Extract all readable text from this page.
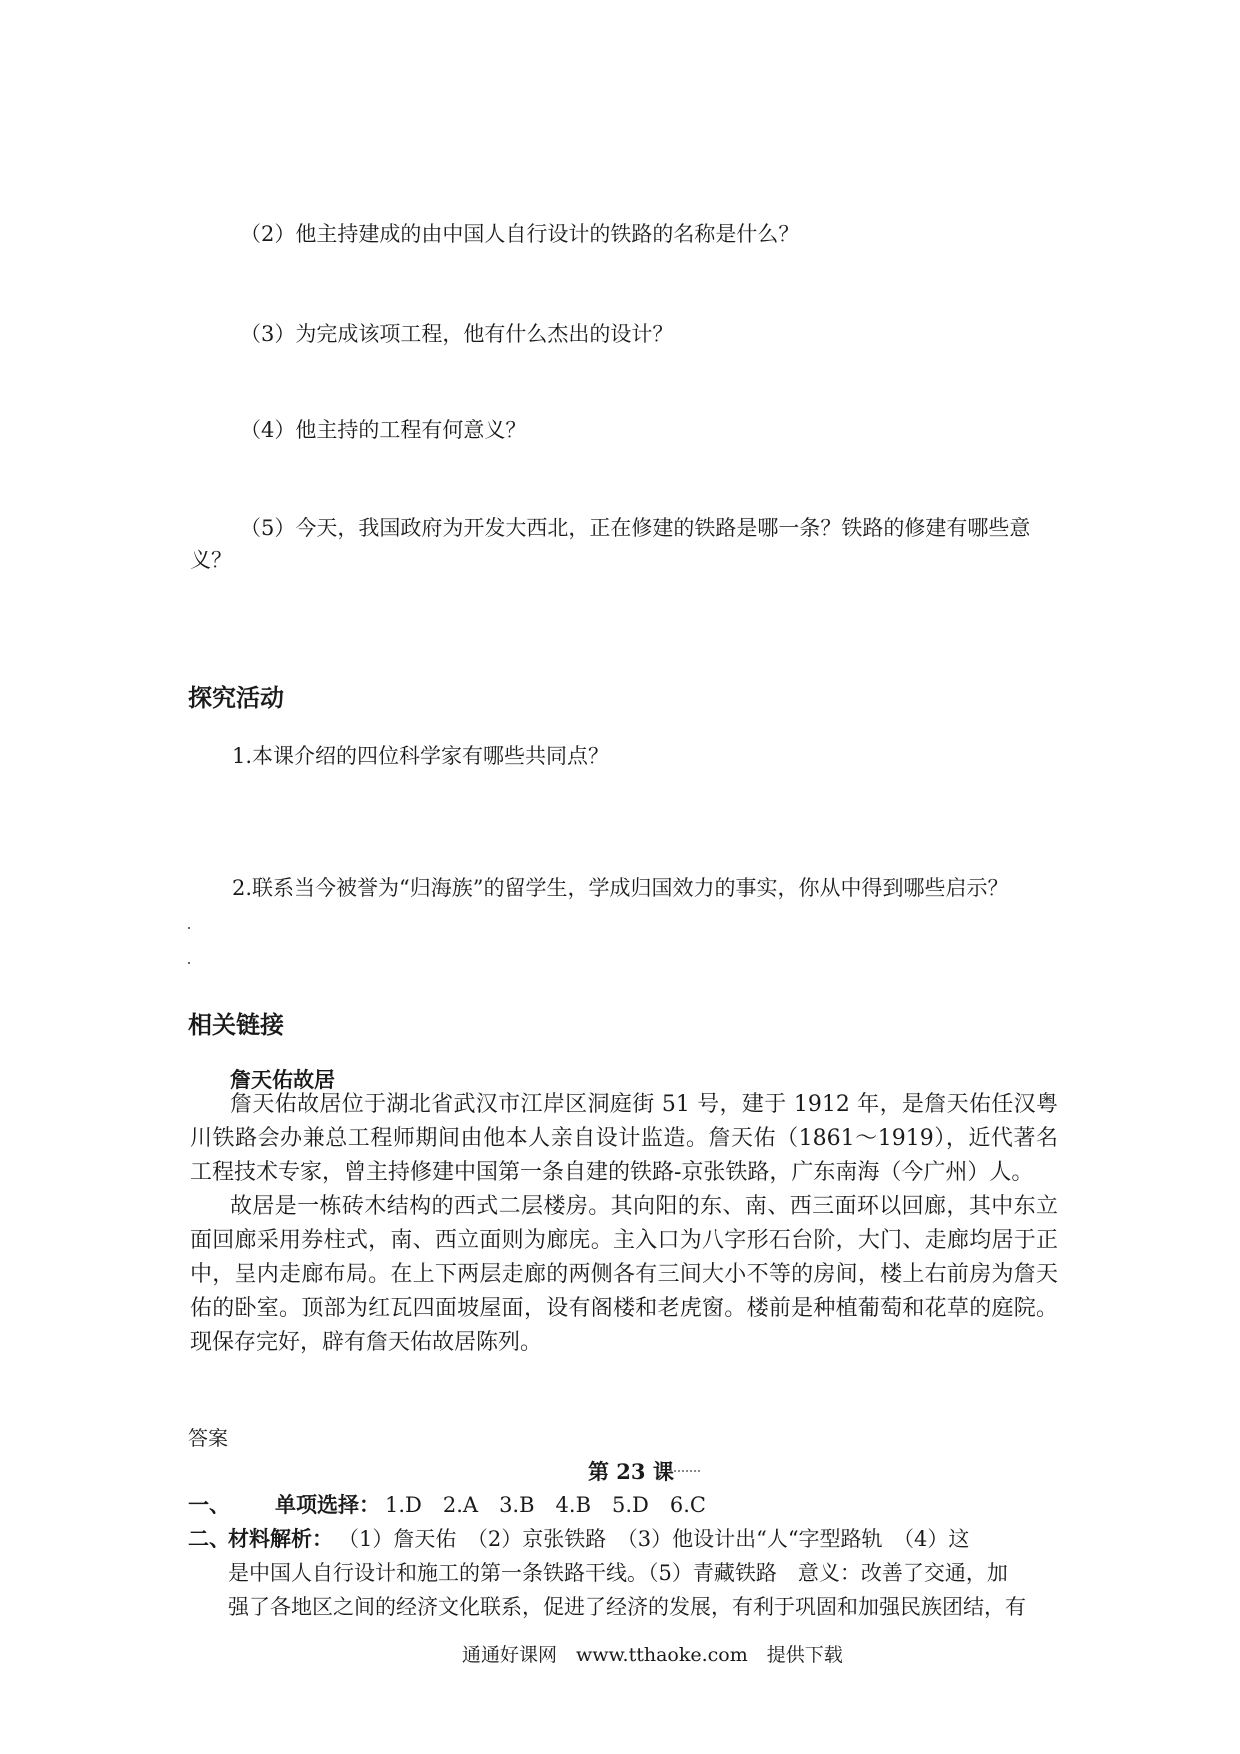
（2）他主持建成的由中国人自行设计的铁路的名称是什么？
（3）为完成该项工程，他有什么杰出的设计？
（4）他主持的工程有何意义？
（5）今天，我国政府为开发大西北，正在修建的铁路是哪一条？铁路的修建有哪些意义？
探究活动
1.本课介绍的四位科学家有哪些共同点？
2.联系当今被誉为“归海族”的留学生，学成归国效力的事实，你从中得到哪些启示？
相关链接
詹天佑故居
詹天佑故居位于湖北省武汉市江岸区洞庭街 51 号，建于 1912 年，是詹天佑任汉粤川铁路会办兼总工程师期间由他本人亲自设计监造。詹天佑（1861～1919），近代著名工程技术专家，曾主持修建中国第一条自建的铁路-京张铁路，广东南海（今广州）人。
故居是一栋砖木结构的西式二层楼房。其向阳的东、南、西三面环以回廊，其中东立面回廊采用券柱式，南、西立面则为廊庑。主入口为八字形石台阶，大门、走廊均居于正中，呈内走廊布局。在上下两层走廊的两侧各有三间大小不等的房间，楼上右前房为詹天佑的卧室。顶部为红瓦四面坡屋面，设有阁楼和老虎窗。楼前是种植葡萄和花草的庭院。现保存完好，辟有詹天佑故居陈列。
答案
第 23 课
一、 单项选择： 1.D　2.A　3.B　4.B　5.D　6.C
二、
材料解析： （1）詹天佑　（2）京张铁路　（3）他设计出“人“字型路轨　（4）这
是中国人自行设计和施工的第一条铁路干线。（5）青藏铁路　意义：改善了交通，加
强了各地区之间的经济文化联系，促进了经济的发展，有利于巩固和加强民族团结，有
通通好课网　www.tthaoke.com　提供下载
